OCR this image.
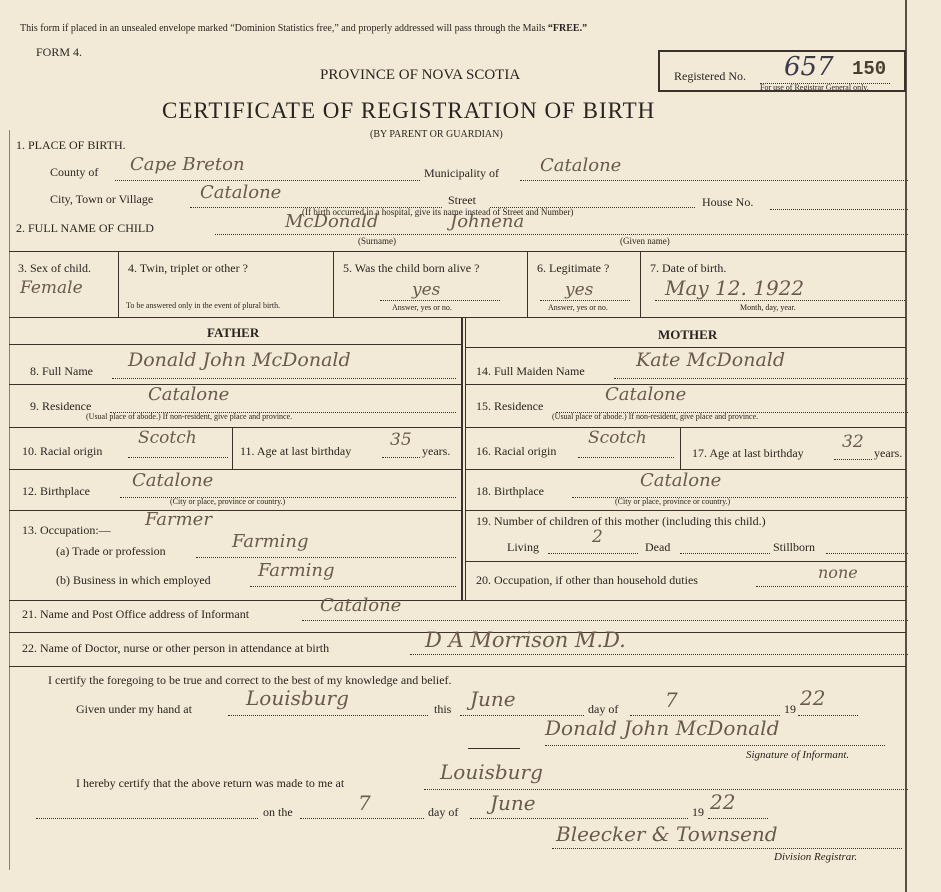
This form if placed in an unsealed envelope marked “Dominion Statistics free,” and properly addressed will pass through the Mails “FREE.”
FORM 4.
PROVINCE OF NOVA SCOTIA
CERTIFICATE OF REGISTRATION OF BIRTH
(BY PARENT OR GUARDIAN)
Registered No. 657 150
For use of Registrar General only.
1. PLACE OF BIRTH.
County of Cape Breton	Municipality of Catalone
City, Town or Village	Catalone	Street	House No.
(If birth occurred in a hospital, give its name instead of Street and Number)
2. FULL NAME OF CHILD	McDonald	Johnena
(Surname)	(Given name)
3. Sex of child.
Female
4. Twin, triplet or other ?
To be answered only in the event of plural birth.
5. Was the child born alive ?
yes
Answer, yes or no.
6. Legitimate ?
yes
Answer, yes or no.
7. Date of birth.
May 12. 1922
Month, day, year.
FATHER	MOTHER
8. Full Name Donald John McDonald
9. Residence
Catalone
(Usual place of abode.) If non-resident, give place and province.
10. Racial origin
Scotch
11. Age at last birthday
35
years.
12. Birthplace Catalone
(City or place, province or country.)
13. Occupation:— Farmer
(a) Trade or profession	Farming
(b) Business in which employed	Farming
14. Full Maiden Name	Kate McDonald
15. Residence
Catalone
(Usual place of abode.) If non-resident, give place and province.
16. Racial origin
Scotch
17. Age at last birthday
32
years.
18. Birthplace	Catalone
(City or place, province or country.)
19. Number of children of this mother (including this child.)
Living	2	Dead	Stillborn
20. Occupation, if other than household duties	none
21. Name and Post Office address of Informant	Catalone
22. Name of Doctor, nurse or other person in attendance at birth	D A Morrison M.D.
I certify the foregoing to be true and correct to the best of my knowledge and belief.
Given under my hand at	Louisburg	this June	day of 7	19 22
Donald John McDonald
Signature of Informant.
I hereby certify that the above return was made to me at	Louisburg
on the	7	day of June	19 22
Bleecker & Townsend
Division Registrar.
